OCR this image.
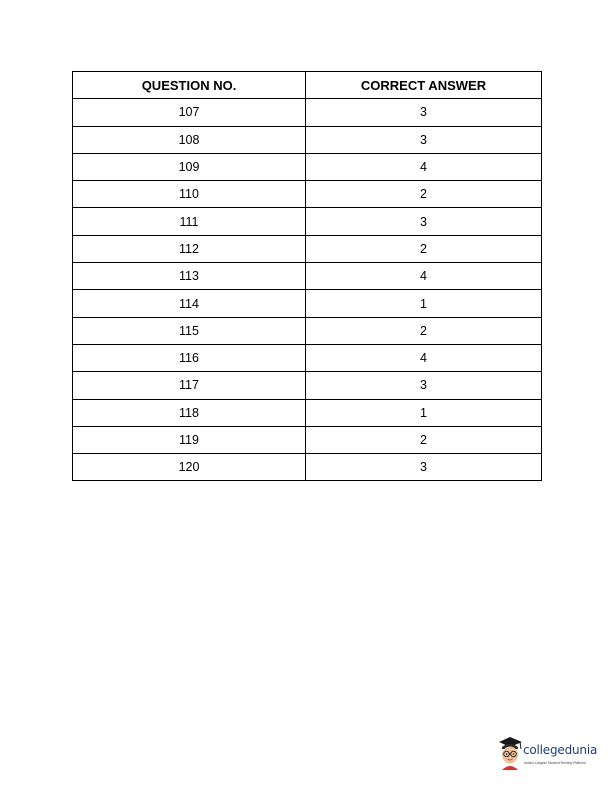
QUESTION NO.	CORRECT ANSWER
107	3
108	3
109	4
110	2
111	3
112	2
113	4
114	1
115	2
116	4
117	3
118	1
119	2
120	3
collegedunia
India's Largest Student Review Platform
